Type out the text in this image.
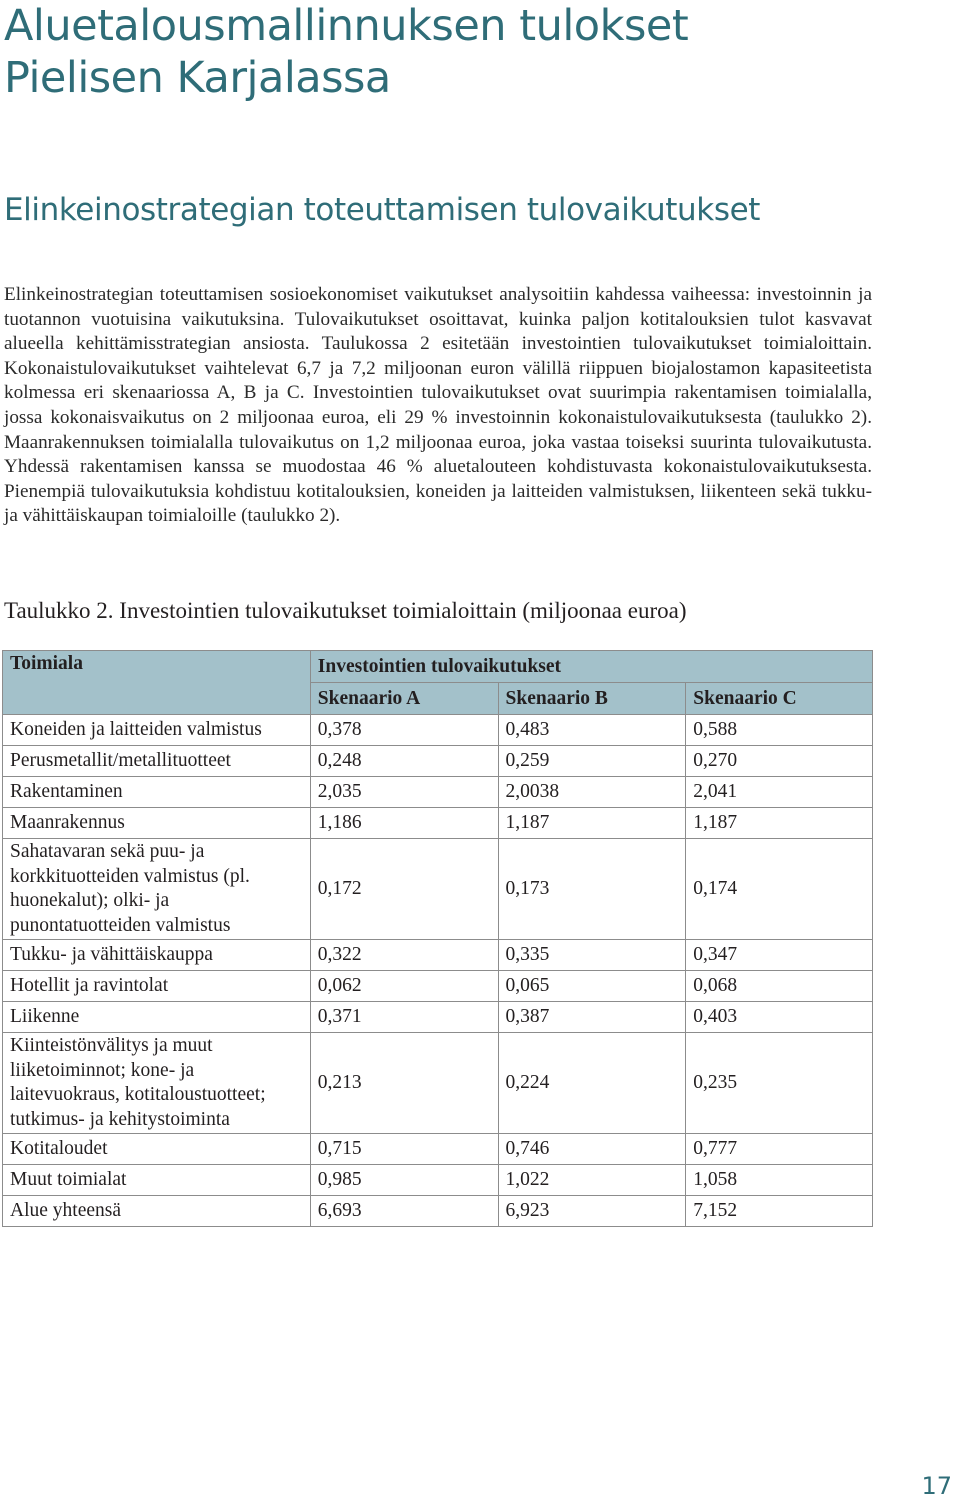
Aluetalousmallinnuksen tulokset
Pielisen Karjalassa
Elinkeinostrategian toteuttamisen tulovaikutukset

Elinkeinostrategian toteuttamisen sosioekonomiset vaikutukset analysoitiin kahdessa vaiheessa: investoinnin ja tuotannon vuotuisina vaikutuksina. Tulovaikutukset osoittavat, kuinka paljon kotitalouksien tulot kasvavat alueella kehittämisstrategian ansiosta. Taulukossa 2 esitetään investointien tulovaikutukset toimialoittain. Kokonaistulovaikutukset vaihtelevat 6,7 ja 7,2 miljoonan euron välillä riippuen biojalostamon kapasiteetista kolmessa eri skenaariossa A, B ja C. Investointien tulovaikutukset ovat suurimpia rakentamisen toimialalla, jossa kokonaisvaikutus on 2 miljoonaa euroa, eli 29 % investoinnin kokonaistulovaikutuksesta (taulukko 2). Maanrakennuksen toimialalla tulovaikutus on 1,2 miljoonaa euroa, joka vastaa toiseksi suurinta tulovaikutusta. Yhdessä rakentamisen kanssa se muodostaa 46 % aluetalouteen kohdistuvasta kokonaistulovaikutuksesta. Pienempiä tulovaikutuksia kohdistuu kotitalouksien, koneiden ja laitteiden valmistuksen, liikenteen sekä tukku- ja vähittäiskaupan toimialoille (taulukko 2).

Taulukko 2. Investointien tulovaikutukset toimialoittain (miljoonaa euroa)
Toimiala	Investointien tulovaikutukset		
	Skenaario A	Skenaario B	Skenaario C
Koneiden ja laitteiden valmistus	0,378	0,483	0,588
Perusmetallit/metallituotteet	0,248	0,259	0,270
Rakentaminen	2,035	2,0038	2,041
Maanrakennus	1,186	1,187	1,187
Sahatavaran sekä puu- ja korkkituotteiden valmistus (pl. huonekalut); olki- ja punontatuotteiden valmistus	0,172	0,173	0,174
Tukku- ja vähittäiskauppa	0,322	0,335	0,347
Hotellit ja ravintolat	0,062	0,065	0,068
Liikenne	0,371	0,387	0,403
Kiinteistönvälitys ja muut liiketoiminnot; kone- ja laitevuokraus, kotitaloustuotteet; tutkimus- ja kehitystoiminta	0,213	0,224	0,235
Kotitaloudet	0,715	0,746	0,777
Muut toimialat	0,985	1,022	1,058
Alue yhteensä	6,693	6,923	7,152
17
